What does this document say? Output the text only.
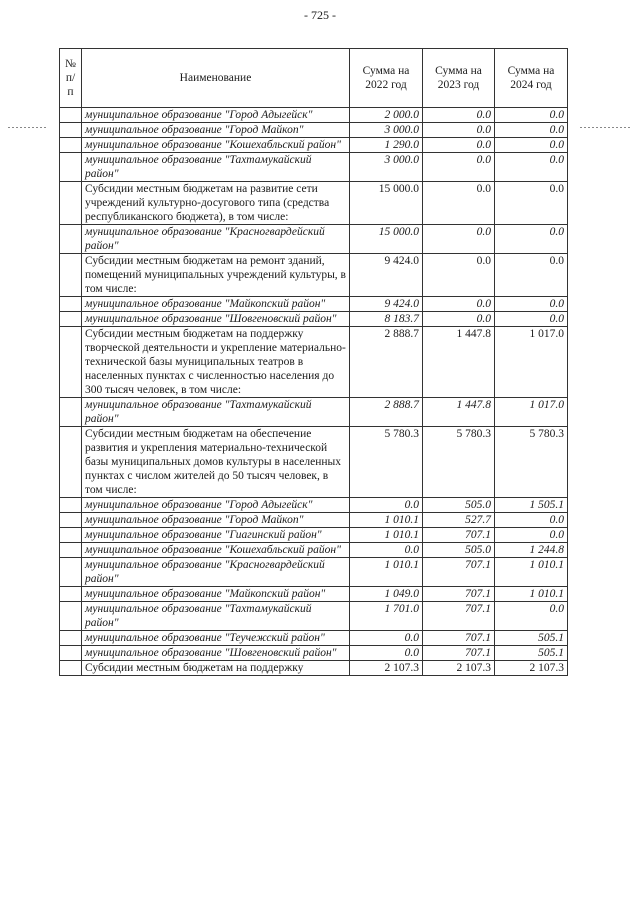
- 725 -
№ п/п	Наименование	Сумма на 2022 год	Сумма на 2023 год	Сумма на 2024 год
	муниципальное образование "Город Адыгейск"	2 000.0	0.0	0.0
	муниципальное образование "Город Майкоп"	3 000.0	0.0	0.0
	муниципальное образование "Кошехабльский район"	1 290.0	0.0	0.0
	муниципальное образование "Тахтамукайский район"	3 000.0	0.0	0.0
	Субсидии местным бюджетам на развитие сети учреждений культурно-досугового типа (средства республиканского бюджета), в том числе:	15 000.0	0.0	0.0
	муниципальное образование "Красногвардейский район"	15 000.0	0.0	0.0
	Субсидии местным бюджетам на ремонт зданий, помещений муниципальных учреждений культуры, в том числе:	9 424.0	0.0	0.0
	муниципальное образование "Майкопский район"	9 424.0	0.0	0.0
	муниципальное образование "Шовгеновский район"	8 183.7	0.0	0.0
	Субсидии местным бюджетам на поддержку творческой деятельности и укрепление материально-технической базы муниципальных театров в населенных пунктах с численностью населения до 300 тысяч человек, в том числе:	2 888.7	1 447.8	1 017.0
	муниципальное образование "Тахтамукайский район"	2 888.7	1 447.8	1 017.0
	Субсидии местным бюджетам на обеспечение развития и укрепления материально-технической базы муниципальных домов культуры в населенных пунктах с числом жителей до 50 тысяч человек, в том числе:	5 780.3	5 780.3	5 780.3
	муниципальное образование "Город Адыгейск"	0.0	505.0	1 505.1
	муниципальное образование "Город Майкоп"	1 010.1	527.7	0.0
	муниципальное образование "Гиагинский район"	1 010.1	707.1	0.0
	муниципальное образование "Кошехабльский район"	0.0	505.0	1 244.8
	муниципальное образование "Красногвардейский район"	1 010.1	707.1	1 010.1
	муниципальное образование "Майкопский район"	1 049.0	707.1	1 010.1
	муниципальное образование "Тахтамукайский район"	1 701.0	707.1	0.0
	муниципальное образование "Теучежский район"	0.0	707.1	505.1
	муниципальное образование "Шовгеновский район"	0.0	707.1	505.1
	Субсидии местным бюджетам на поддержку	2 107.3	2 107.3	2 107.3
